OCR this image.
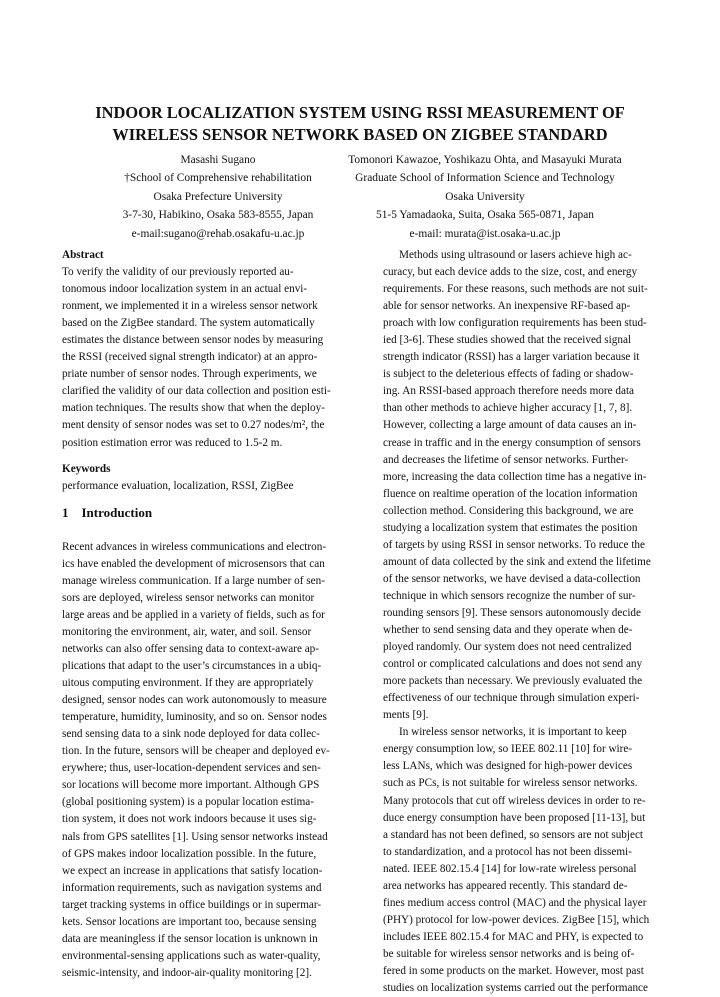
INDOOR LOCALIZATION SYSTEM USING RSSI MEASUREMENT OF
WIRELESS SENSOR NETWORK BASED ON ZIGBEE STANDARD
Masashi Sugano
†School of Comprehensive rehabilitation
Osaka Prefecture University
3-7-30, Habikino, Osaka 583-8555, Japan
e-mail:sugano@rehab.osakafu-u.ac.jp
Tomonori Kawazoe, Yoshikazu Ohta, and Masayuki Murata
Graduate School of Information Science and Technology
Osaka University
51-5 Yamadaoka, Suita, Osaka 565-0871, Japan
e-mail: murata@ist.osaka-u.ac.jp
Abstract
To verify the validity of our previously reported au-
tonomous indoor localization system in an actual envi-
ronment, we implemented it in a wireless sensor network
based on the ZigBee standard. The system automatically
estimates the distance between sensor nodes by measuring
the RSSI (received signal strength indicator) at an appro-
priate number of sensor nodes. Through experiments, we
clarified the validity of our data collection and position esti-
mation techniques. The results show that when the deploy-
ment density of sensor nodes was set to 0.27 nodes/m², the
position estimation error was reduced to 1.5-2 m.
Keywords
performance evaluation, localization, RSSI, ZigBee
1 Introduction
Recent advances in wireless communications and electron-
ics have enabled the development of microsensors that can
manage wireless communication. If a large number of sen-
sors are deployed, wireless sensor networks can monitor
large areas and be applied in a variety of fields, such as for
monitoring the environment, air, water, and soil. Sensor
networks can also offer sensing data to context-aware ap-
plications that adapt to the user’s circumstances in a ubiq-
uitous computing environment. If they are appropriately
designed, sensor nodes can work autonomously to measure
temperature, humidity, luminosity, and so on. Sensor nodes
send sensing data to a sink node deployed for data collec-
tion. In the future, sensors will be cheaper and deployed ev-
erywhere; thus, user-location-dependent services and sen-
sor locations will become more important. Although GPS
(global positioning system) is a popular location estima-
tion system, it does not work indoors because it uses sig-
nals from GPS satellites [1]. Using sensor networks instead
of GPS makes indoor localization possible. In the future,
we expect an increase in applications that satisfy location-
information requirements, such as navigation systems and
target tracking systems in office buildings or in supermar-
kets. Sensor locations are important too, because sensing
data are meaningless if the sensor location is unknown in
environmental-sensing applications such as water-quality,
seismic-intensity, and indoor-air-quality monitoring [2].
Methods using ultrasound or lasers achieve high ac-
curacy, but each device adds to the size, cost, and energy
requirements. For these reasons, such methods are not suit-
able for sensor networks. An inexpensive RF-based ap-
proach with low configuration requirements has been stud-
ied [3-6]. These studies showed that the received signal
strength indicator (RSSI) has a larger variation because it
is subject to the deleterious effects of fading or shadow-
ing. An RSSI-based approach therefore needs more data
than other methods to achieve higher accuracy [1, 7, 8].
However, collecting a large amount of data causes an in-
crease in traffic and in the energy consumption of sensors
and decreases the lifetime of sensor networks. Further-
more, increasing the data collection time has a negative in-
fluence on realtime operation of the location information
collection method. Considering this background, we are
studying a localization system that estimates the position
of targets by using RSSI in sensor networks. To reduce the
amount of data collected by the sink and extend the lifetime
of the sensor networks, we have devised a data-collection
technique in which sensors recognize the number of sur-
rounding sensors [9]. These sensors autonomously decide
whether to send sensing data and they operate when de-
ployed randomly. Our system does not need centralized
control or complicated calculations and does not send any
more packets than necessary. We previously evaluated the
effectiveness of our technique through simulation experi-
ments [9].
In wireless sensor networks, it is important to keep
energy consumption low, so IEEE 802.11 [10] for wire-
less LANs, which was designed for high-power devices
such as PCs, is not suitable for wireless sensor networks.
Many protocols that cut off wireless devices in order to re-
duce energy consumption have been proposed [11-13], but
a standard has not been defined, so sensors are not subject
to standardization, and a protocol has not been dissemi-
nated. IEEE 802.15.4 [14] for low-rate wireless personal
area networks has appeared recently. This standard de-
fines medium access control (MAC) and the physical layer
(PHY) protocol for low-power devices. ZigBee [15], which
includes IEEE 802.15.4 for MAC and PHY, is expected to
be suitable for wireless sensor networks and is being of-
fered in some products on the market. However, most past
studies on localization systems carried out the performance
